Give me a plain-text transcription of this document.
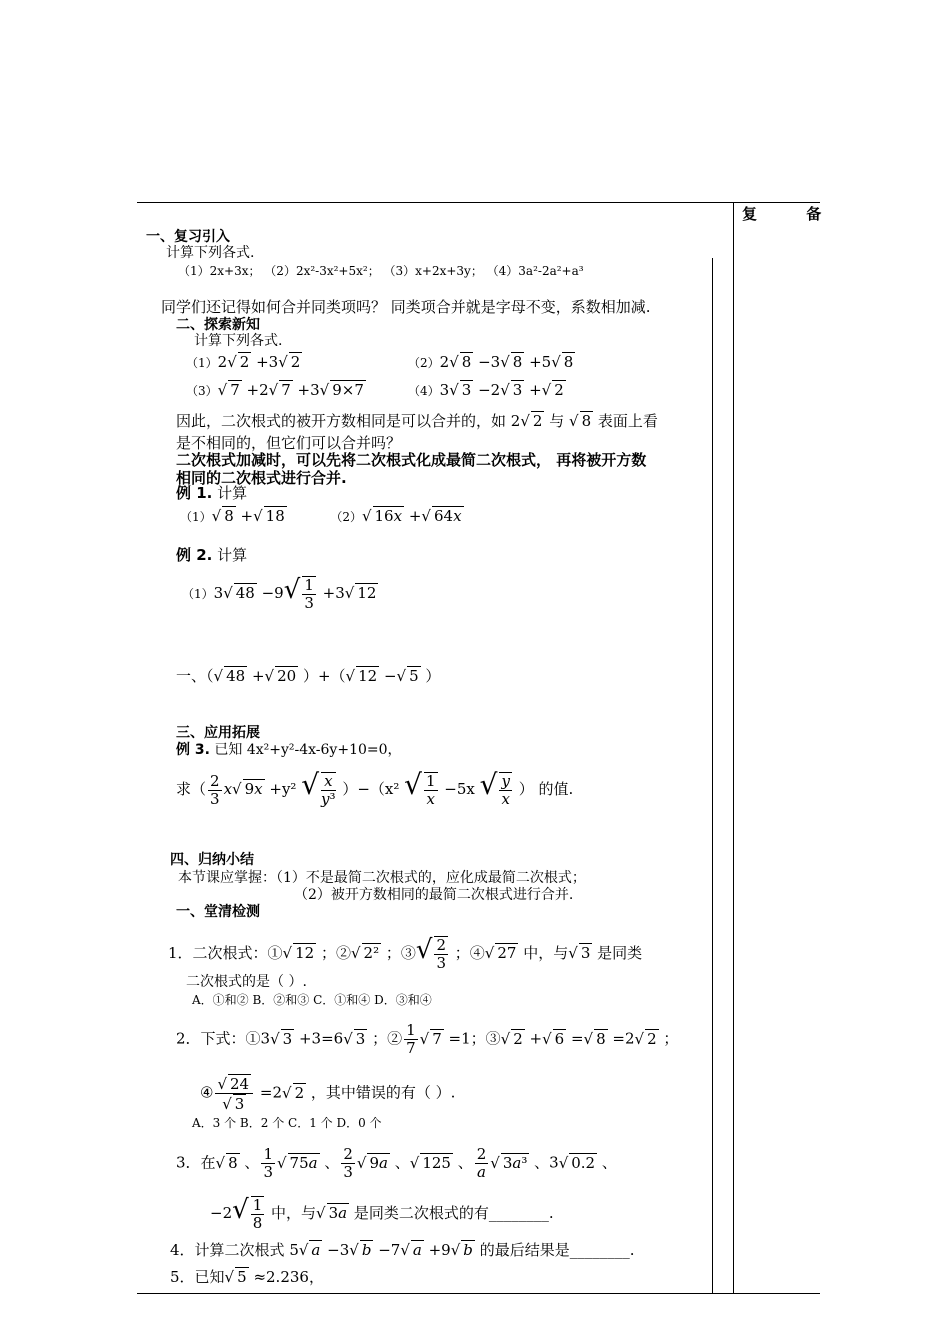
复 备
一、复习引入
计算下列各式.
（1）2x+3x； （2）2x²-3x²+5x²； （3）x+2x+3y； （4）3a²-2a²+a³
同学们还记得如何合并同类项吗？ 同类项合并就是字母不变，系数相加减.
二、探索新知
计算下列各式.
（1）2√ 2 +3√ 2	（2）2√ 8 −3√ 8 +5√ 8
（3）√ 7 +2√ 7 +3√ 9×7	（4）3√ 3 −2√ 3 +√ 2
因此，二次根式的被开方数相同是可以合并的，如 2√ 2 与 √ 8 表面上看
是不相同的，但它们可以合并吗？
二次根式加减时，可以先将二次根式化成最简二次根式， 再将被开方数
相同的二次根式进行合并.
例 1. 计算
（1）√ 8 +√ 18	（2）√ 16x +√ 64x
例 2. 计算
（1）3√ $48 -9√ \frac{1}{3} +3√$ 12
一、（√ 48 +√ 20 ）+（√ 12 −√ 5 ）
三、应用拓展
例 3. 已知 4x²+y²-4x-6y+10=0，
求（ $\frac{2}{3} x√$ 9x +y² √ $\frac{x}{\text{y³}} )-(x^2$ √ $\frac{1}{x} -5x$ √ $\frac{y}{x}$ ） 的值.
四、归纳小结
本节课应掌握：（1）不是最简二次根式的，应化成最简二次根式；
（2）被开方数相同的最简二次根式进行合并.
一、堂清检测
1．二次根式：①√ 12 ；②√ 2² ；③√ $\frac{2}{3}$ ；④√ 27 中，与√ 3 是同类
二次根式的是（ ）.
A．①和② B．②和③ C．①和④ D．③和④
2．下式：①3√ 3 +3=6√ 3 ；② $\frac{1}{7}$
√ 7 =1；③√ 2 +√ 6 =√ 8 =2√ 2 ；
④
√ 24
√ 3 =2√ 2 ，其中错误的有（ ）.
A．3 个 B．2 个 C．1 个 D．0 个
3．在√ 8 、 $\frac{1}{3}$
√ 75a 、 $\frac{2}{3}$
√ 9a 、√ 125 、 $\frac{2}{a}$
√ 3a³ 、3√ 0.2 、
$-2√ \frac{1}{8}$ 中，与√ 3a 是同类二次根式的有________.
4．计算二次根式 5√ a −3√ b −7√ a +9√ b 的最后结果是________.
5．已知√ 5 ≈2.236，
